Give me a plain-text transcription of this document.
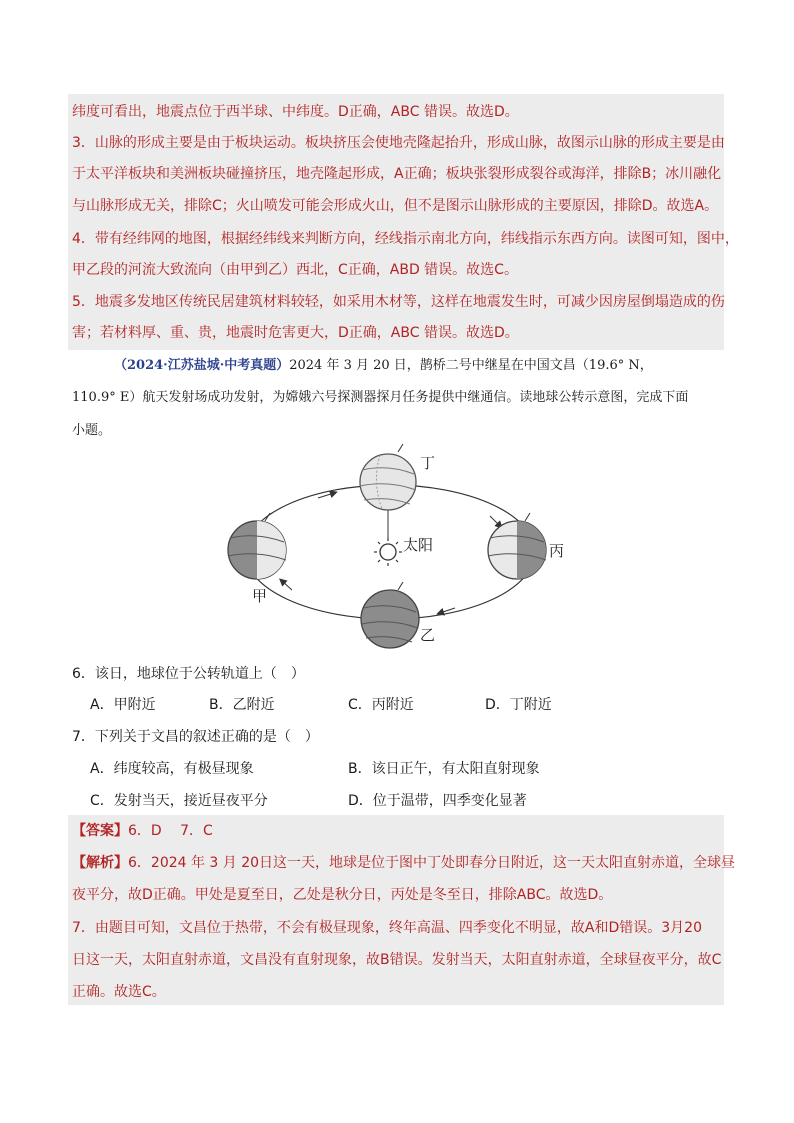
纬度可看出，地震点位于西半球、中纬度。D正确，ABC 错误。故选D。
3．山脉的形成主要是由于板块运动。板块挤压会使地壳隆起抬升，形成山脉，故图示山脉的形成主要是由
于太平洋板块和美洲板块碰撞挤压，地壳隆起形成，A正确；板块张裂形成裂谷或海洋，排除B；冰川融化
与山脉形成无关，排除C；火山喷发可能会形成火山，但不是图示山脉形成的主要原因，排除D。故选A。
4．带有经纬网的地图，根据经纬线来判断方向，经线指示南北方向，纬线指示东西方向。读图可知，图中，
甲乙段的河流大致流向（由甲到乙）西北，C正确，ABD 错误。故选C。
5．地震多发地区传统民居建筑材料较轻，如采用木材等，这样在地震发生时，可减少因房屋倒塌造成的伤
害；若材料厚、重、贵，地震时危害更大，D正确，ABC 错误。故选D。
（2024·江苏盐城·中考真题）2024 年 3 月 20 日，鹊桥二号中继星在中国文昌（19.6° N，
110.9° E）航天发射场成功发射，为嫦娥六号探测器探月任务提供中继通信。读地球公转示意图，完成下面
小题。
太阳
丁
甲
丙
乙
6．该日，地球位于公转轨道上（　）
A．甲附近	B．乙附近	C．丙附近	D．丁附近
7．下列关于文昌的叙述正确的是（　）
A．纬度较高，有极昼现象	B．该日正午，有太阳直射现象
C．发射当天，接近昼夜平分	D．位于温带，四季变化显著
【答案】6．D　 7．C
【解析】6．2024 年 3 月 20日这一天，地球是位于图中丁处即春分日附近，这一天太阳直射赤道，全球昼
夜平分，故D正确。甲处是夏至日，乙处是秋分日，丙处是冬至日，排除ABC。故选D。
7．由题目可知，文昌位于热带，不会有极昼现象，终年高温、四季变化不明显，故A和D错误。3月20
日这一天，太阳直射赤道，文昌没有直射现象，故B错误。发射当天，太阳直射赤道，全球昼夜平分，故C
正确。故选C。
